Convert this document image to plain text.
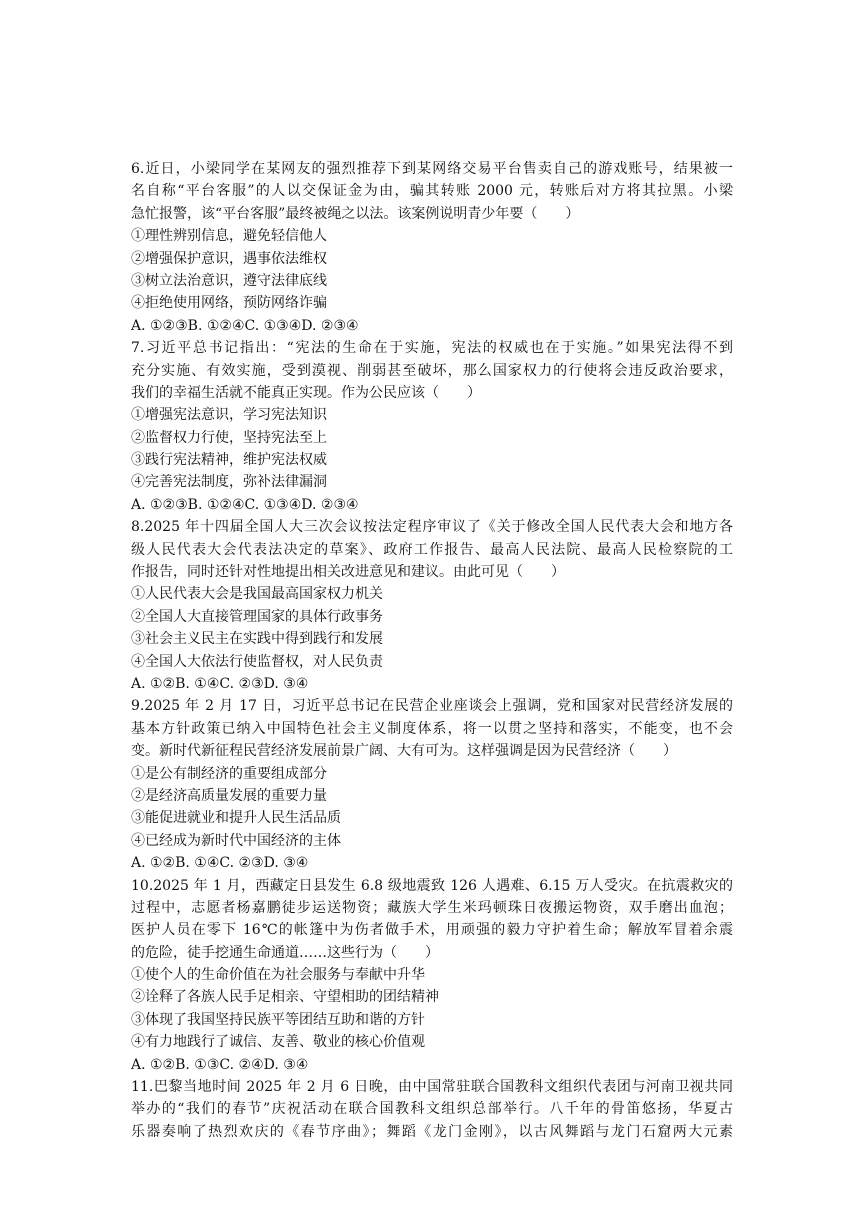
6.近日，小梁同学在某网友的强烈推荐下到某网络交易平台售卖自己的游戏账号，结果被一
名自称“平台客服”的人以交保证金为由，骗其转账 2000 元，转账后对方将其拉黑。小梁
急忙报警，该“平台客服”最终被绳之以法。该案例说明青少年要（　　）
①理性辨别信息，避免轻信他人
②增强保护意识，遇事依法维权
③树立法治意识，遵守法律底线
④拒绝使用网络，预防网络诈骗
A. ①②③B. ①②④C. ①③④D. ②③④
7.习近平总书记指出：“宪法的生命在于实施，宪法的权威也在于实施。”如果宪法得不到
充分实施、有效实施，受到漠视、削弱甚至破坏，那么国家权力的行使将会违反政治要求，
我们的幸福生活就不能真正实现。作为公民应该（　　）
①增强宪法意识，学习宪法知识
②监督权力行使，坚持宪法至上
③践行宪法精神，维护宪法权威
④完善宪法制度，弥补法律漏洞
A. ①②③B. ①②④C. ①③④D. ②③④
8.2025 年十四届全国人大三次会议按法定程序审议了《关于修改全国人民代表大会和地方各
级人民代表大会代表法决定的草案》、政府工作报告、最高人民法院、最高人民检察院的工
作报告，同时还针对性地提出相关改进意见和建议。由此可见（　　）
①人民代表大会是我国最高国家权力机关
②全国人大直接管理国家的具体行政事务
③社会主义民主在实践中得到践行和发展
④全国人大依法行使监督权，对人民负责
A. ①②B. ①④C. ②③D. ③④
9.2025 年 2 月 17 日，习近平总书记在民营企业座谈会上强调，党和国家对民营经济发展的
基本方针政策已纳入中国特色社会主义制度体系，将一以贯之坚持和落实，不能变，也不会
变。新时代新征程民营经济发展前景广阔、大有可为。这样强调是因为民营经济（　　）
①是公有制经济的重要组成部分
②是经济高质量发展的重要力量
③能促进就业和提升人民生活品质
④已经成为新时代中国经济的主体
A. ①②B. ①④C. ②③D. ③④
10.2025 年 1 月，西藏定日县发生 6.8 级地震致 126 人遇难、6.15 万人受灾。在抗震救灾的
过程中，志愿者杨嘉鹏徒步运送物资；藏族大学生米玛顿珠日夜搬运物资，双手磨出血泡；
医护人员在零下 16℃的帐篷中为伤者做手术，用顽强的毅力守护着生命；解放军冒着余震
的危险，徒手挖通生命通道……这些行为（　　）
①使个人的生命价值在为社会服务与奉献中升华
②诠释了各族人民手足相亲、守望相助的团结精神
③体现了我国坚持民族平等团结互助和谐的方针
④有力地践行了诚信、友善、敬业的核心价值观
A. ①②B. ①③C. ②④D. ③④
11.巴黎当地时间 2025 年 2 月 6 日晚，由中国常驻联合国教科文组织代表团与河南卫视共同
举办的“我们的春节”庆祝活动在联合国教科文组织总部举行。八千年的骨笛悠扬，华夏古
乐器奏响了热烈欢庆的《春节序曲》；舞蹈《龙门金刚》，以古风舞蹈与龙门石窟两大元素
